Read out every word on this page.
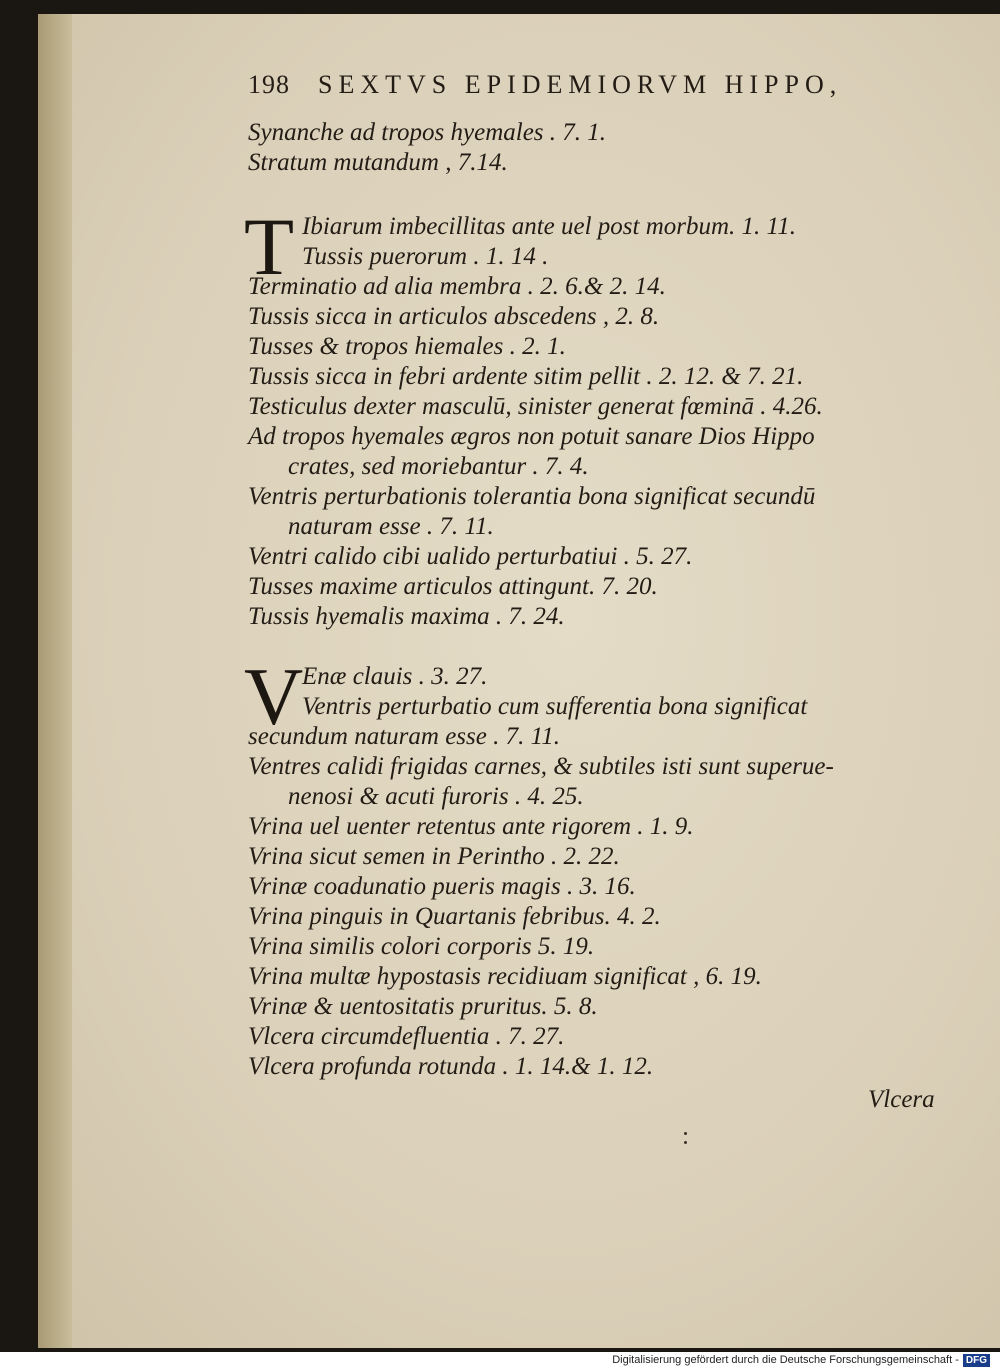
198 SEXTVS EPIDEMIORVM HIPPO,
Synanche ad tropos hyemales . 7. 1.
Stratum mutandum , 7.14.
T Ibiarum imbecillitas ante uel post morbum. 1. 11.
Tussis puerorum . 1. 14 .
Terminatio ad alia membra . 2. 6.& 2. 14.
Tussis sicca in articulos abscedens , 2. 8.
Tusses & tropos hiemales . 2. 1.
Tussis sicca in febri ardente sitim pellit . 2. 12. & 7. 21.
Testiculus dexter masculū, sinister generat fœminā . 4.26.
Ad tropos hyemales ægros non potuit sanare Dios Hippo
crates, sed moriebantur . 7. 4.
Ventris perturbationis tolerantia bona significat secundū
naturam esse . 7. 11.
Ventri calido cibi ualido perturbatiui . 5. 27.
Tusses maxime articulos attingunt. 7. 20.
Tussis hyemalis maxima . 7. 24.
V
Enæ clauis . 3. 27.
Ventris perturbatio cum sufferentia bona significat
secundum naturam esse . 7. 11.
Ventres calidi frigidas carnes, & subtiles isti sunt superue-
nenosi & acuti furoris . 4. 25.
Vrina uel uenter retentus ante rigorem . 1. 9.
Vrina sicut semen in Perintho . 2. 22.
Vrinæ coadunatio pueris magis . 3. 16.
Vrina pinguis in Quartanis febribus. 4. 2.
Vrina similis colori corporis 5. 19.
Vrina multæ hypostasis recidiuam significat , 6. 19.
Vrinæ & uentositatis pruritus. 5. 8.
Vlcera circumdefluentia . 7. 27.
Vlcera profunda rotunda . 1. 14.& 1. 12.
Vlcera
Digitalisierung gefördert durch die Deutsche Forschungsgemeinschaft - DFG
